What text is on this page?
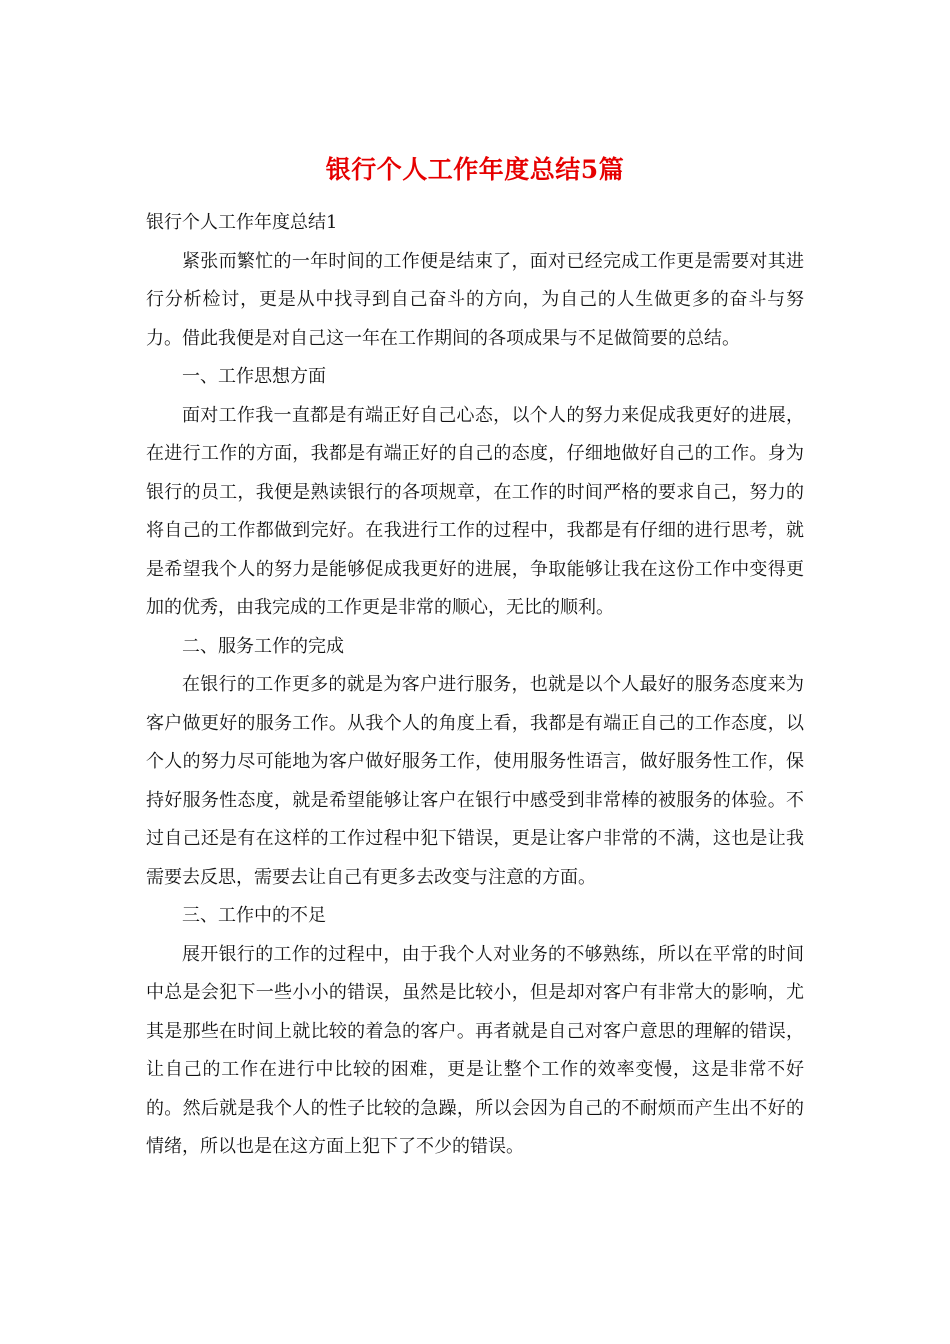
银行个人工作年度总结5篇

银行个人工作年度总结1

紧张而繁忙的一年时间的工作便是结束了，面对已经完成工作更是需要对其进行分析检讨，更是从中找寻到自己奋斗的方向，为自己的人生做更多的奋斗与努力。借此我便是对自己这一年在工作期间的各项成果与不足做简要的总结。

一、工作思想方面

面对工作我一直都是有端正好自己心态，以个人的努力来促成我更好的进展，在进行工作的方面，我都是有端正好的自己的态度，仔细地做好自己的工作。身为银行的员工，我便是熟读银行的各项规章，在工作的时间严格的要求自己，努力的将自己的工作都做到完好。在我进行工作的过程中，我都是有仔细的进行思考，就是希望我个人的努力是能够促成我更好的进展，争取能够让我在这份工作中变得更加的优秀，由我完成的工作更是非常的顺心，无比的顺利。

二、服务工作的完成

在银行的工作更多的就是为客户进行服务，也就是以个人最好的服务态度来为客户做更好的服务工作。从我个人的角度上看，我都是有端正自己的工作态度，以个人的努力尽可能地为客户做好服务工作，使用服务性语言，做好服务性工作，保持好服务性态度，就是希望能够让客户在银行中感受到非常棒的被服务的体验。不过自己还是有在这样的工作过程中犯下错误，更是让客户非常的不满，这也是让我需要去反思，需要去让自己有更多去改变与注意的方面。

三、工作中的不足

展开银行的工作的过程中，由于我个人对业务的不够熟练，所以在平常的时间中总是会犯下一些小小的错误，虽然是比较小，但是却对客户有非常大的影响，尤其是那些在时间上就比较的着急的客户。再者就是自己对客户意思的理解的错误，让自己的工作在进行中比较的困难，更是让整个工作的效率变慢，这是非常不好的。然后就是我个人的性子比较的急躁，所以会因为自己的不耐烦而产生出不好的情绪，所以也是在这方面上犯下了不少的错误。
